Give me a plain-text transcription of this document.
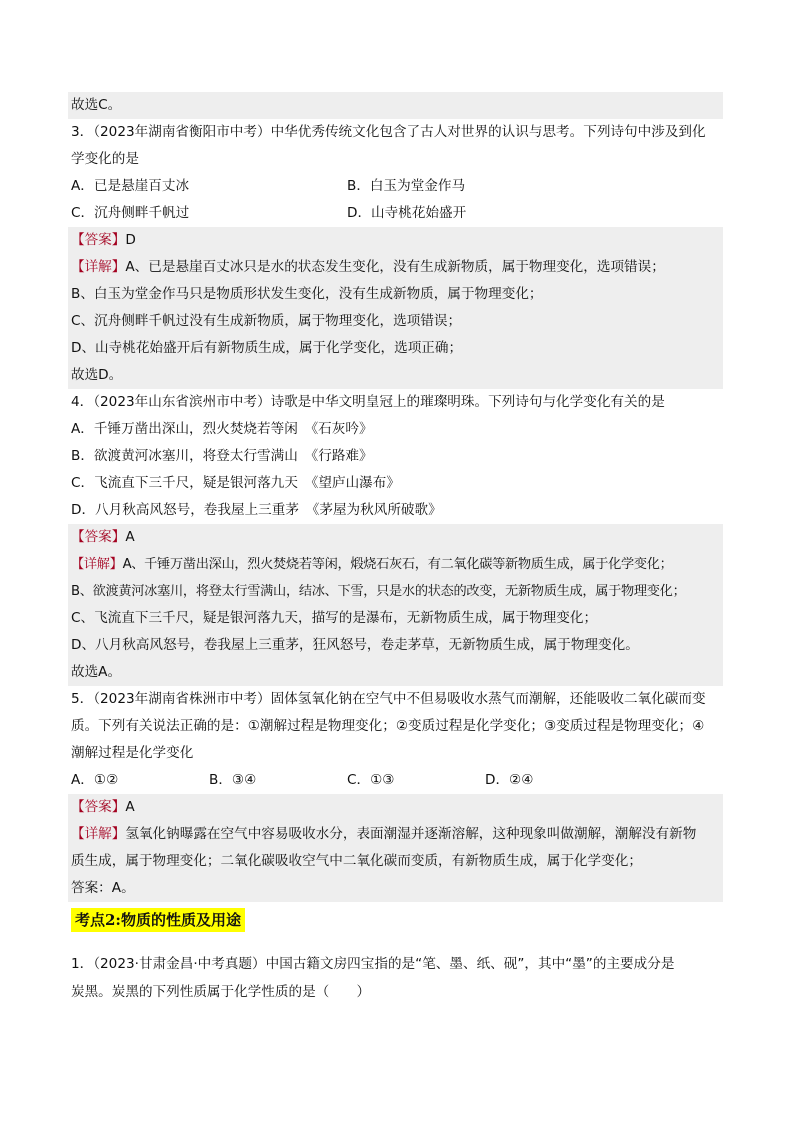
故选C。
3．（2023年湖南省衡阳市中考）中华优秀传统文化包含了古人对世界的认识与思考。下列诗句中涉及到化
学变化的是
A．已是悬崖百丈冰	B．白玉为堂金作马
C．沉舟侧畔千帆过	D．山寺桃花始盛开
【答案】D
【详解】A、已是悬崖百丈冰只是水的状态发生变化，没有生成新物质，属于物理变化，选项错误；
B、白玉为堂金作马只是物质形状发生变化，没有生成新物质，属于物理变化；
C、沉舟侧畔千帆过没有生成新物质，属于物理变化，选项错误；
D、山寺桃花始盛开后有新物质生成，属于化学变化，选项正确；
故选D。
4．（2023年山东省滨州市中考）诗歌是中华文明皇冠上的璀璨明珠。下列诗句与化学变化有关的是
A．千锤万凿出深山，烈火焚烧若等闲　《石灰吟》
B．欲渡黄河冰塞川，将登太行雪满山　《行路难》
C．飞流直下三千尺，疑是银河落九天　《望庐山瀑布》
D．八月秋高风怒号，卷我屋上三重茅　《茅屋为秋风所破歌》
【答案】A
【详解】A、千锤万凿出深山，烈火焚烧若等闲，煅烧石灰石，有二氧化碳等新物质生成，属于化学变化；
B、欲渡黄河冰塞川，将登太行雪满山，结冰、下雪，只是水的状态的改变，无新物质生成，属于物理变化；
C、飞流直下三千尺，疑是银河落九天，描写的是瀑布，无新物质生成，属于物理变化；
D、八月秋高风怒号，卷我屋上三重茅，狂风怒号，卷走茅草，无新物质生成，属于物理变化。
故选A。
5．（2023年湖南省株洲市中考）固体氢氧化钠在空气中不但易吸收水蒸气而潮解，还能吸收二氧化碳而变
质。下列有关说法正确的是：①潮解过程是物理变化；②变质过程是化学变化；③变质过程是物理变化；④
潮解过程是化学变化
A．①②	B．③④	C．①③	D．②④
【答案】A
【详解】氢氧化钠曝露在空气中容易吸收水分，表面潮湿并逐渐溶解，这种现象叫做潮解，潮解没有新物
质生成，属于物理变化；二氧化碳吸收空气中二氧化碳而变质，有新物质生成，属于化学变化；
答案：A。
考点2:物质的性质及用途
1．（2023·甘肃金昌·中考真题）中国古籍文房四宝指的是“笔、墨、纸、砚”，其中“墨”的主要成分是
炭黑。炭黑的下列性质属于化学性质的是（　　）
